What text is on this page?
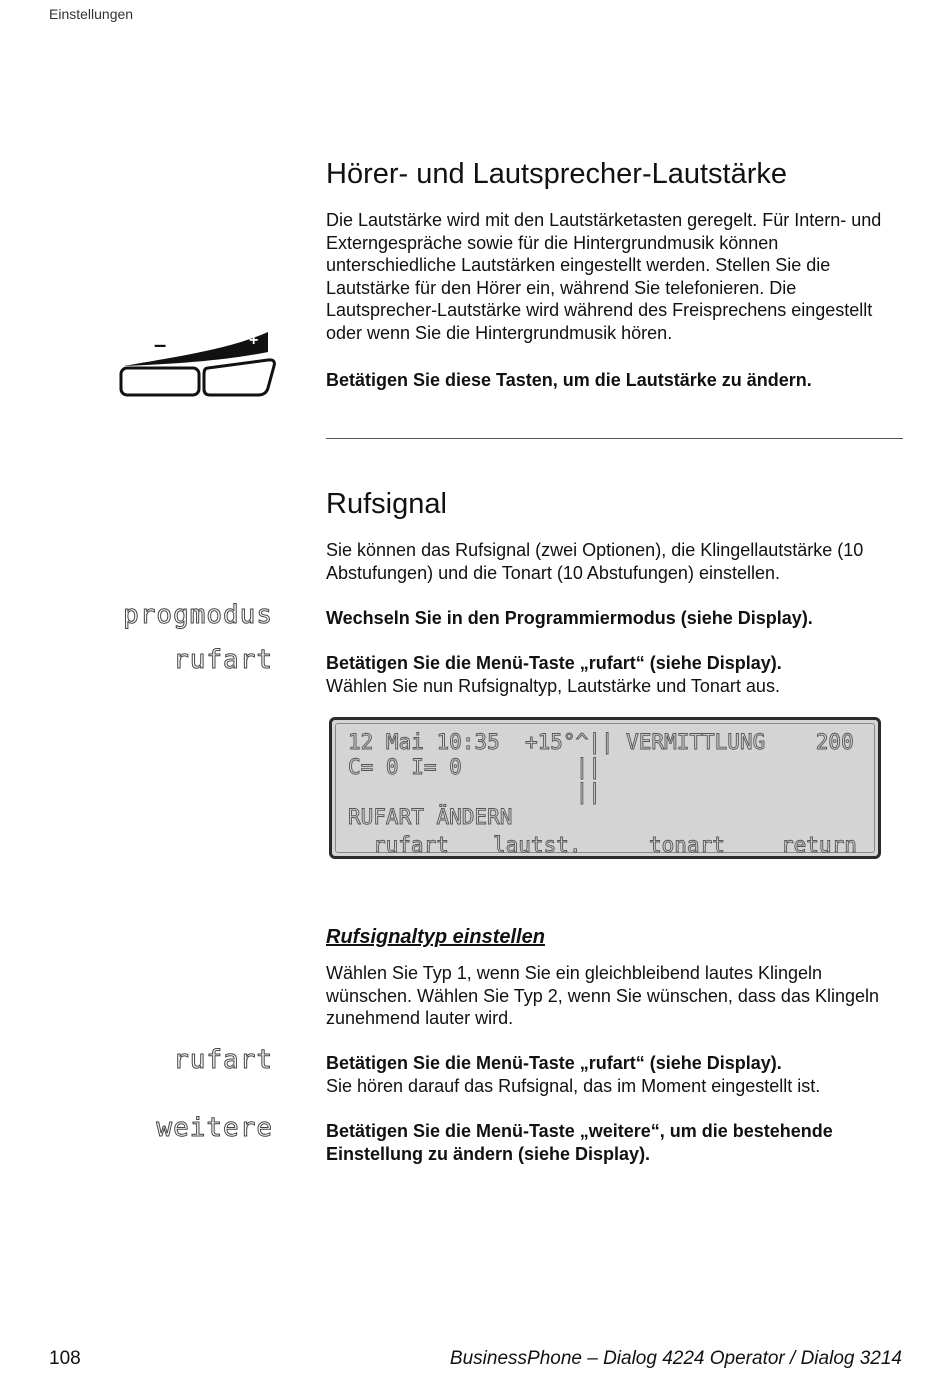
Einstellungen
Hörer- und Lautsprecher-Lautstärke

Die Lautstärke wird mit den Lautstärketasten geregelt. Für Intern- und Externgespräche sowie für die Hintergrundmusik können unterschiedliche Lautstärken eingestellt werden. Stellen Sie die Lautstärke für den Hörer ein, während Sie telefonieren. Die Lautsprecher-Lautstärke wird während des Freisprechens eingestellt oder wenn Sie die Hintergrundmusik hören.

–	+

Betätigen Sie diese Tasten, um die Lautstärke zu ändern.

Rufsignal

Sie können das Rufsignal (zwei Optionen), die Klingellautstärke (10 Abstufungen) und die Tonart (10 Abstufungen) einstellen.

progmodus	Wechseln Sie in den Programmiermodus (siehe Display).

rufart	Betätigen Sie die Menü-Taste „rufart“ (siehe Display).

Wählen Sie nun Rufsignaltyp, Lautstärke und Tonart aus.

12 Mai 10:35  +15°^|| VERMITTLUNG    200
C= 0 I= 0         ||
||
RUFART ÄNDERN
rufart lautst.	tonart	return
Rufsignaltyp einstellen

Wählen Sie Typ 1, wenn Sie ein gleichbleibend lautes Klingeln wünschen. Wählen Sie Typ 2, wenn Sie wünschen, dass das Klingeln zunehmend lauter wird.

rufart	Betätigen Sie die Menü-Taste „rufart“ (siehe Display).

Sie hören darauf das Rufsignal, das im Moment eingestellt ist.

weitere	Betätigen Sie die Menü-Taste „weitere“, um die bestehende Einstellung zu ändern (siehe Display).

108	BusinessPhone – Dialog 4224 Operator / Dialog 3214
